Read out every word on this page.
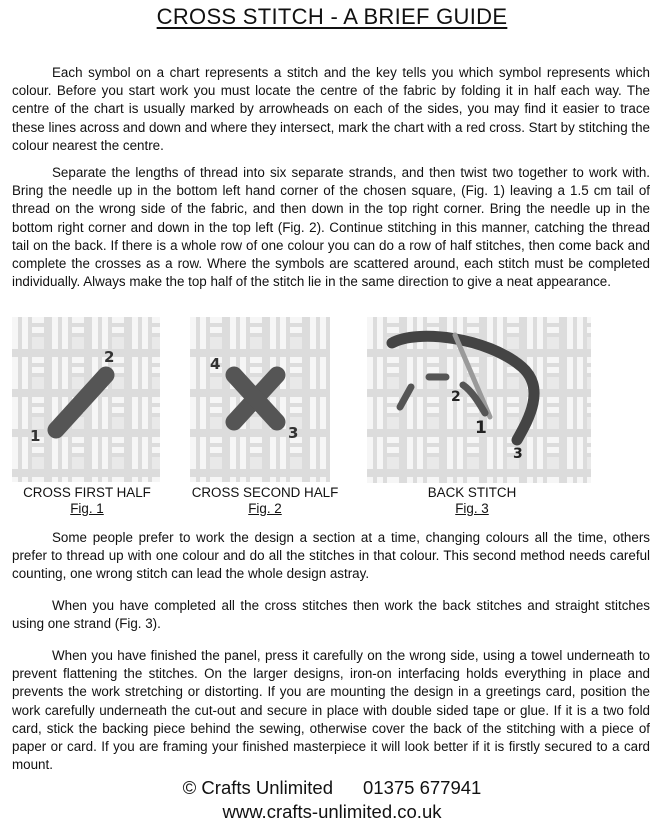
CROSS STITCH - A BRIEF GUIDE

Each symbol on a chart represents a stitch and the key tells you which symbol represents which colour. Before you start work you must locate the centre of the fabric by folding it in half each way. The centre of the chart is usually marked by arrowheads on each of the sides, you may find it easier to trace these lines across and down and where they intersect, mark the chart with a red cross. Start by stitching the colour nearest the centre.

Separate the lengths of thread into six separate strands, and then twist two together to work with. Bring the needle up in the bottom left hand corner of the chosen square, (Fig. 1) leaving a 1.5 cm tail of thread on the wrong side of the fabric, and then down in the top right corner. Bring the needle up in the bottom right corner and down in the top left (Fig. 2). Continue stitching in this manner, catching the thread tail on the back. If there is a whole row of one colour you can do a row of half stitches, then come back and complete the crosses as a row. Where the symbols are scattered around, each stitch must be completed individually. Always make the top half of the stitch lie in the same direction to give a neat appearance.

1
2	4
3
2
1
3
CROSS FIRST HALF
Fig. 1
CROSS SECOND HALF
Fig. 2
BACK STITCH
Fig. 3

Some people prefer to work the design a section at a time, changing colours all the time, others prefer to thread up with one colour and do all the stitches in that colour. This second method needs careful counting, one wrong stitch can lead the whole design astray.

When you have completed all the cross stitches then work the back stitches and straight stitches using one strand (Fig. 3).

When you have finished the panel, press it carefully on the wrong side, using a towel underneath to prevent flattening the stitches. On the larger designs, iron-on interfacing holds everything in place and prevents the work stretching or distorting. If you are mounting the design in a greetings card, position the work carefully underneath the cut-out and secure in place with double sided tape or glue. If it is a two fold card, stick the backing piece behind the sewing, otherwise cover the back of the stitching with a piece of paper or card. If you are framing your finished masterpiece it will look better if it is firstly secured to a card mount.

© Crafts Unlimited 01375 677941
www.crafts-unlimited.co.uk
